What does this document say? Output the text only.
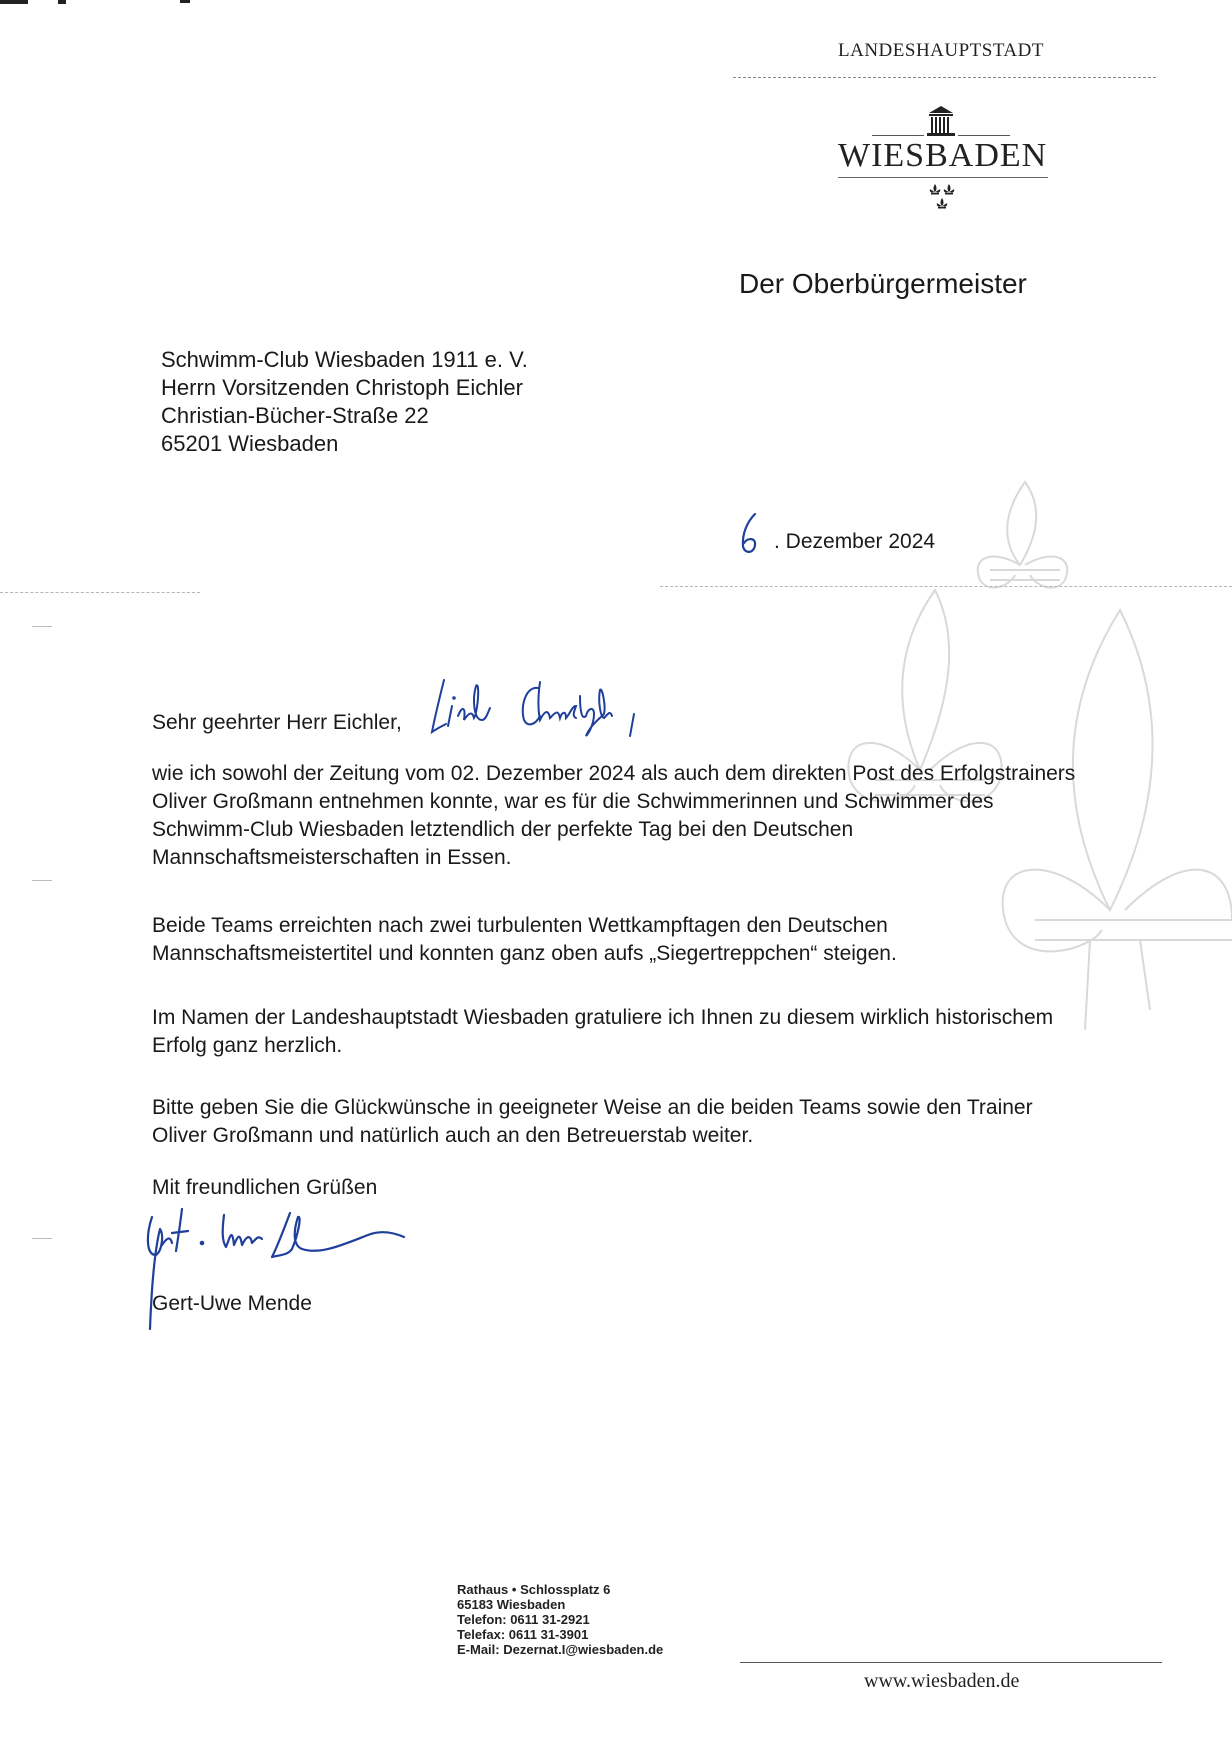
LANDESHAUPTSTADT
WIESBADEN
Der Oberbürgermeister
Schwimm-Club Wiesbaden 1911 e. V.
Herrn Vorsitzenden Christoph Eichler
Christian-Bücher-Straße 22
65201 Wiesbaden
. Dezember 2024
Sehr geehrter Herr Eichler,

wie ich sowohl der Zeitung vom 02. Dezember 2024 als auch dem direkten Post des Erfolgstrainers Oliver Großmann entnehmen konnte, war es für die Schwimmerinnen und Schwimmer des Schwimm-Club Wiesbaden letztendlich der perfekte Tag bei den Deutschen Mannschaftsmeisterschaften in Essen.

Beide Teams erreichten nach zwei turbulenten Wettkampftagen den Deutschen Mannschaftsmeistertitel und konnten ganz oben aufs „Siegertreppchen“ steigen.

Im Namen der Landeshauptstadt Wiesbaden gratuliere ich Ihnen zu diesem wirklich historischem Erfolg ganz herzlich.

Bitte geben Sie die Glückwünsche in geeigneter Weise an die beiden Teams sowie den Trainer Oliver Großmann und natürlich auch an den Betreuerstab weiter.

Mit freundlichen Grüßen
Gert-Uwe Mende
Rathaus • Schlossplatz 6
65183 Wiesbaden
Telefon: 0611 31-2921
Telefax: 0611 31-3901
E-Mail: Dezernat.I@wiesbaden.de
www.wiesbaden.de
